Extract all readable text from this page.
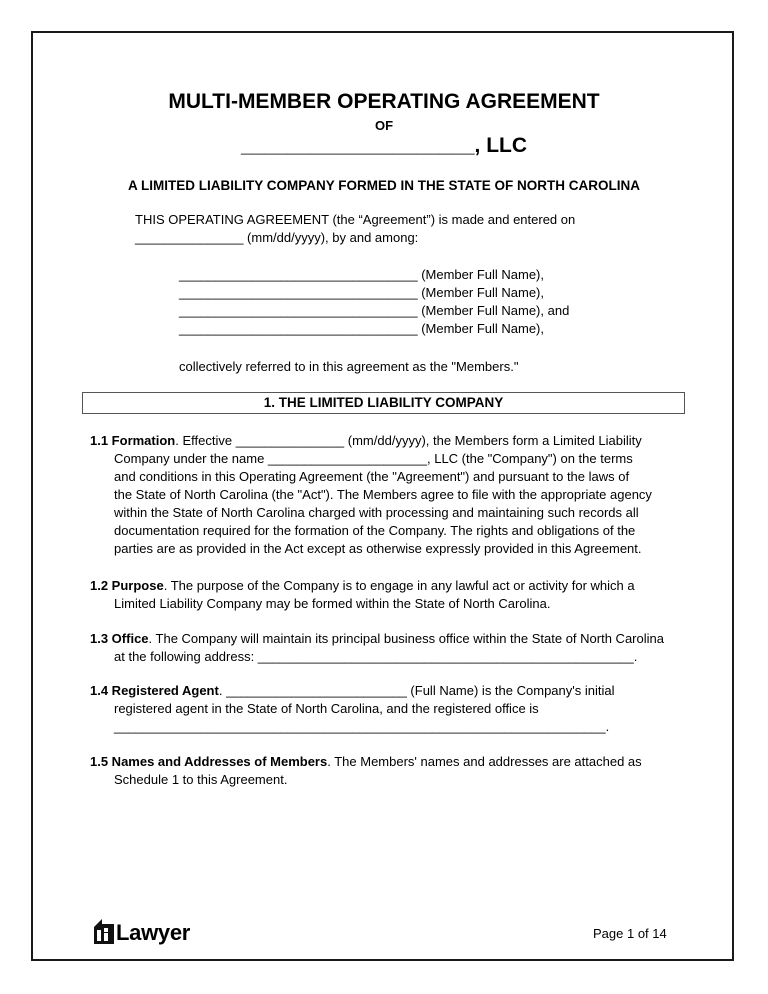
MULTI-MEMBER OPERATING AGREEMENT
OF
____________________, LLC
A LIMITED LIABILITY COMPANY FORMED IN THE STATE OF NORTH CAROLINA
THIS OPERATING AGREEMENT (the “Agreement”) is made and entered on
_______________ (mm/dd/yyyy), by and among:
_________________________________ (Member Full Name),
_________________________________ (Member Full Name),
_________________________________ (Member Full Name), and
_________________________________ (Member Full Name),
collectively referred to in this agreement as the "Members."
1. THE LIMITED LIABILITY COMPANY
1.1 Formation. Effective _______________ (mm/dd/yyyy), the Members form a Limited Liability
Company under the name ______________________, LLC (the "Company") on the terms
and conditions in this Operating Agreement (the "Agreement") and pursuant to the laws of
the State of North Carolina (the "Act"). The Members agree to file with the appropriate agency
within the State of North Carolina charged with processing and maintaining such records all
documentation required for the formation of the Company. The rights and obligations of the
parties are as provided in the Act except as otherwise expressly provided in this Agreement.
1.2 Purpose. The purpose of the Company is to engage in any lawful act or activity for which a
Limited Liability Company may be formed within the State of North Carolina.
1.3 Office. The Company will maintain its principal business office within the State of North Carolina
at the following address: ____________________________________________________.
1.4 Registered Agent. _________________________ (Full Name) is the Company's initial
registered agent in the State of North Carolina, and the registered office is
____________________________________________________________________.
1.5 Names and Addresses of Members. The Members' names and addresses are attached as
Schedule 1 to this Agreement.
Lawyer	Page 1 of 14
